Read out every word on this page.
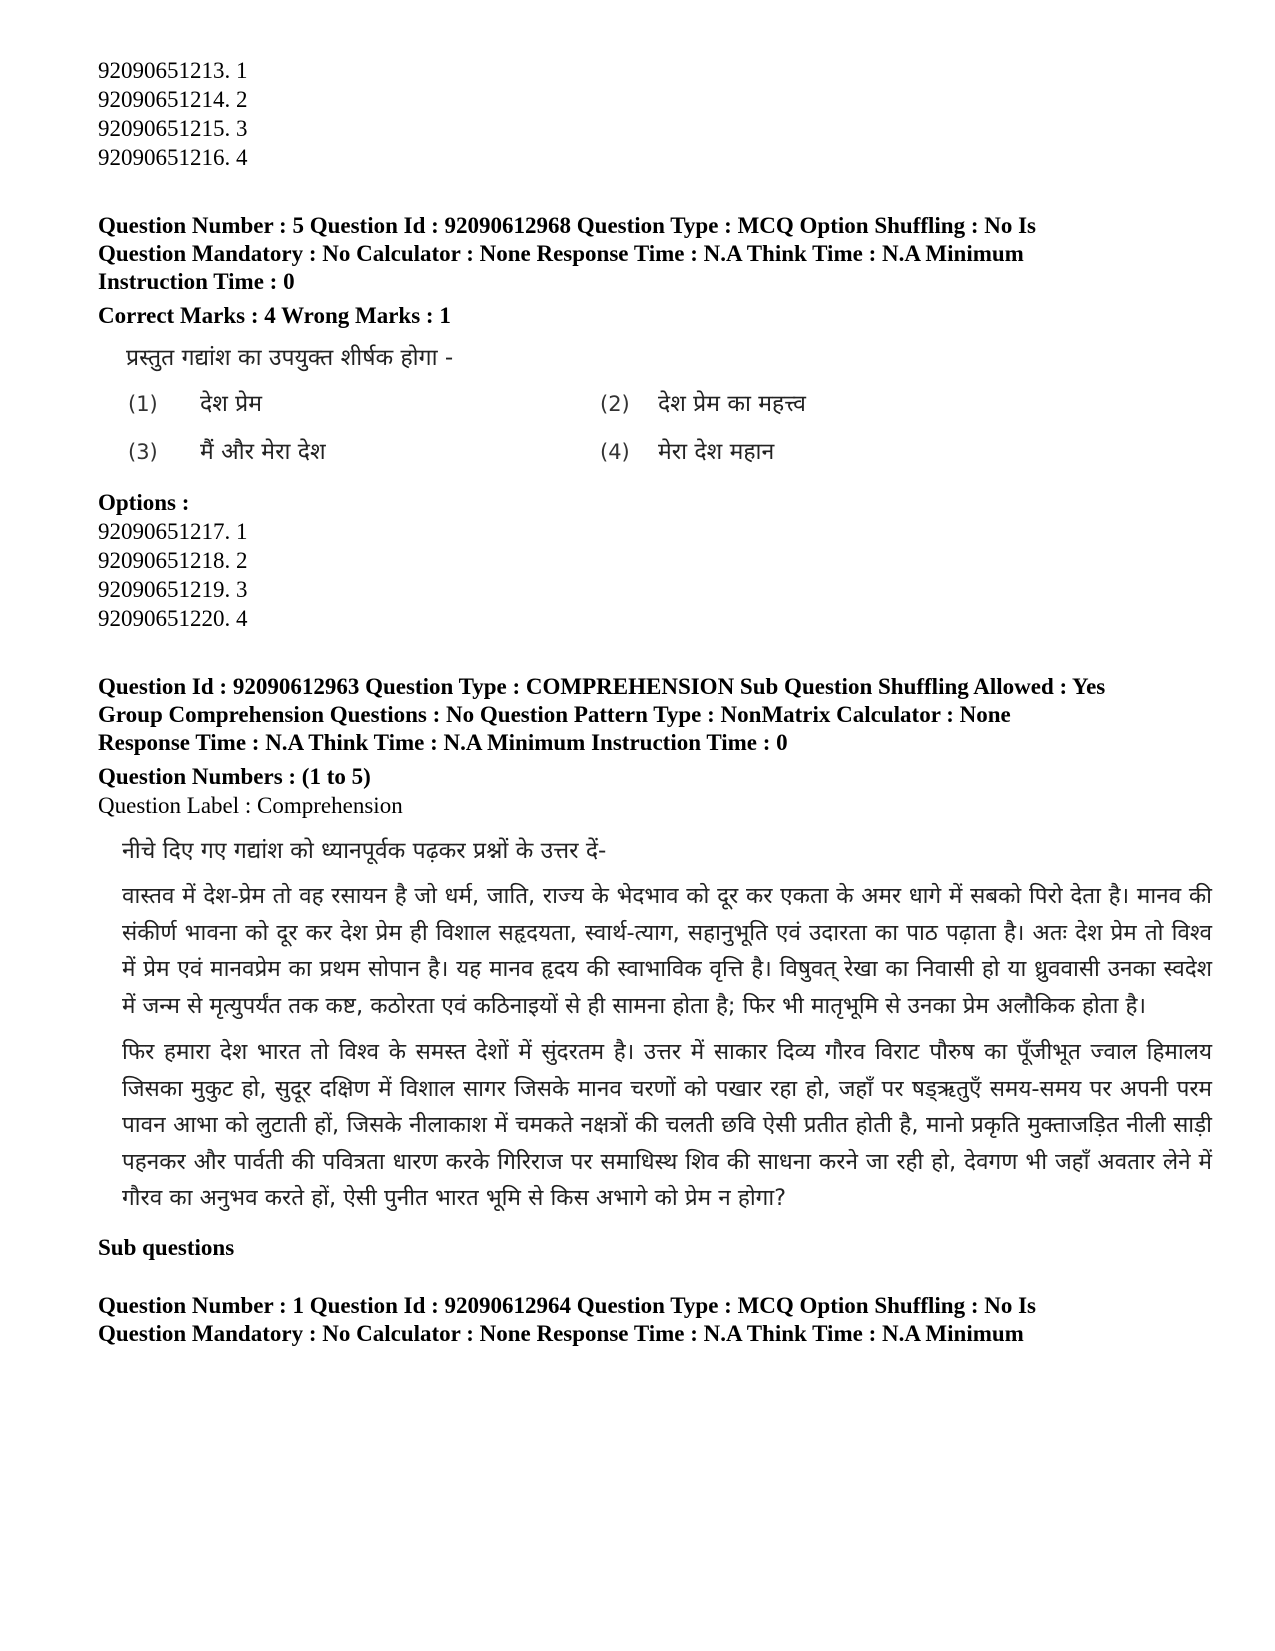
92090651213. 1
92090651214. 2
92090651215. 3
92090651216. 4
Question Number : 5 Question Id : 92090612968 Question Type : MCQ Option Shuffling : No Is Question Mandatory : No Calculator : None Response Time : N.A Think Time : N.A Minimum Instruction Time : 0
Correct Marks : 4 Wrong Marks : 1
प्रस्तुत गद्यांश का उपयुक्त शीर्षक होगा -
(1)	देश प्रेम	(2)	देश प्रेम का महत्त्व
(3)	मैं और मेरा देश	(4)	मेरा देश महान
Options :
92090651217. 1
92090651218. 2
92090651219. 3
92090651220. 4
Question Id : 92090612963 Question Type : COMPREHENSION Sub Question Shuffling Allowed : Yes Group Comprehension Questions : No Question Pattern Type : NonMatrix Calculator : None Response Time : N.A Think Time : N.A Minimum Instruction Time : 0
Question Numbers : (1 to 5)
Question Label : Comprehension
नीचे दिए गए गद्यांश को ध्यानपूर्वक पढ़कर प्रश्नों के उत्तर दें-
वास्तव में देश-प्रेम तो वह रसायन है जो धर्म, जाति, राज्य के भेदभाव को दूर कर एकता के अमर धागे में सबको पिरो देता है। मानव की संकीर्ण भावना को दूर कर देश प्रेम ही विशाल सहृदयता, स्वार्थ-त्याग, सहानुभूति एवं उदारता का पाठ पढ़ाता है। अतः देश प्रेम तो विश्व में प्रेम एवं मानवप्रेम का प्रथम सोपान है। यह मानव हृदय की स्वाभाविक वृत्ति है। विषुवत् रेखा का निवासी हो या ध्रुववासी उनका स्वदेश में जन्म से मृत्युपर्यंत तक कष्ट, कठोरता एवं कठिनाइयों से ही सामना होता है; फिर भी मातृभूमि से उनका प्रेम अलौकिक होता है।
फिर हमारा देश भारत तो विश्व के समस्त देशों में सुंदरतम है। उत्तर में साकार दिव्य गौरव विराट पौरुष का पूँजीभूत ज्वाल हिमालय जिसका मुकुट हो, सुदूर दक्षिण में विशाल सागर जिसके मानव चरणों को पखार रहा हो, जहाँ पर षड्ऋतुएँ समय-समय पर अपनी परम पावन आभा को लुटाती हों, जिसके नीलाकाश में चमकते नक्षत्रों की चलती छवि ऐसी प्रतीत होती है, मानो प्रकृति मुक्ताजड़ित नीली साड़ी पहनकर और पार्वती की पवित्रता धारण करके गिरिराज पर समाधिस्थ शिव की साधना करने जा रही हो, देवगण भी जहाँ अवतार लेने में गौरव का अनुभव करते हों, ऐसी पुनीत भारत भूमि से किस अभागे को प्रेम न होगा?
Sub questions
Question Number : 1 Question Id : 92090612964 Question Type : MCQ Option Shuffling : No Is Question Mandatory : No Calculator : None Response Time : N.A Think Time : N.A Minimum
